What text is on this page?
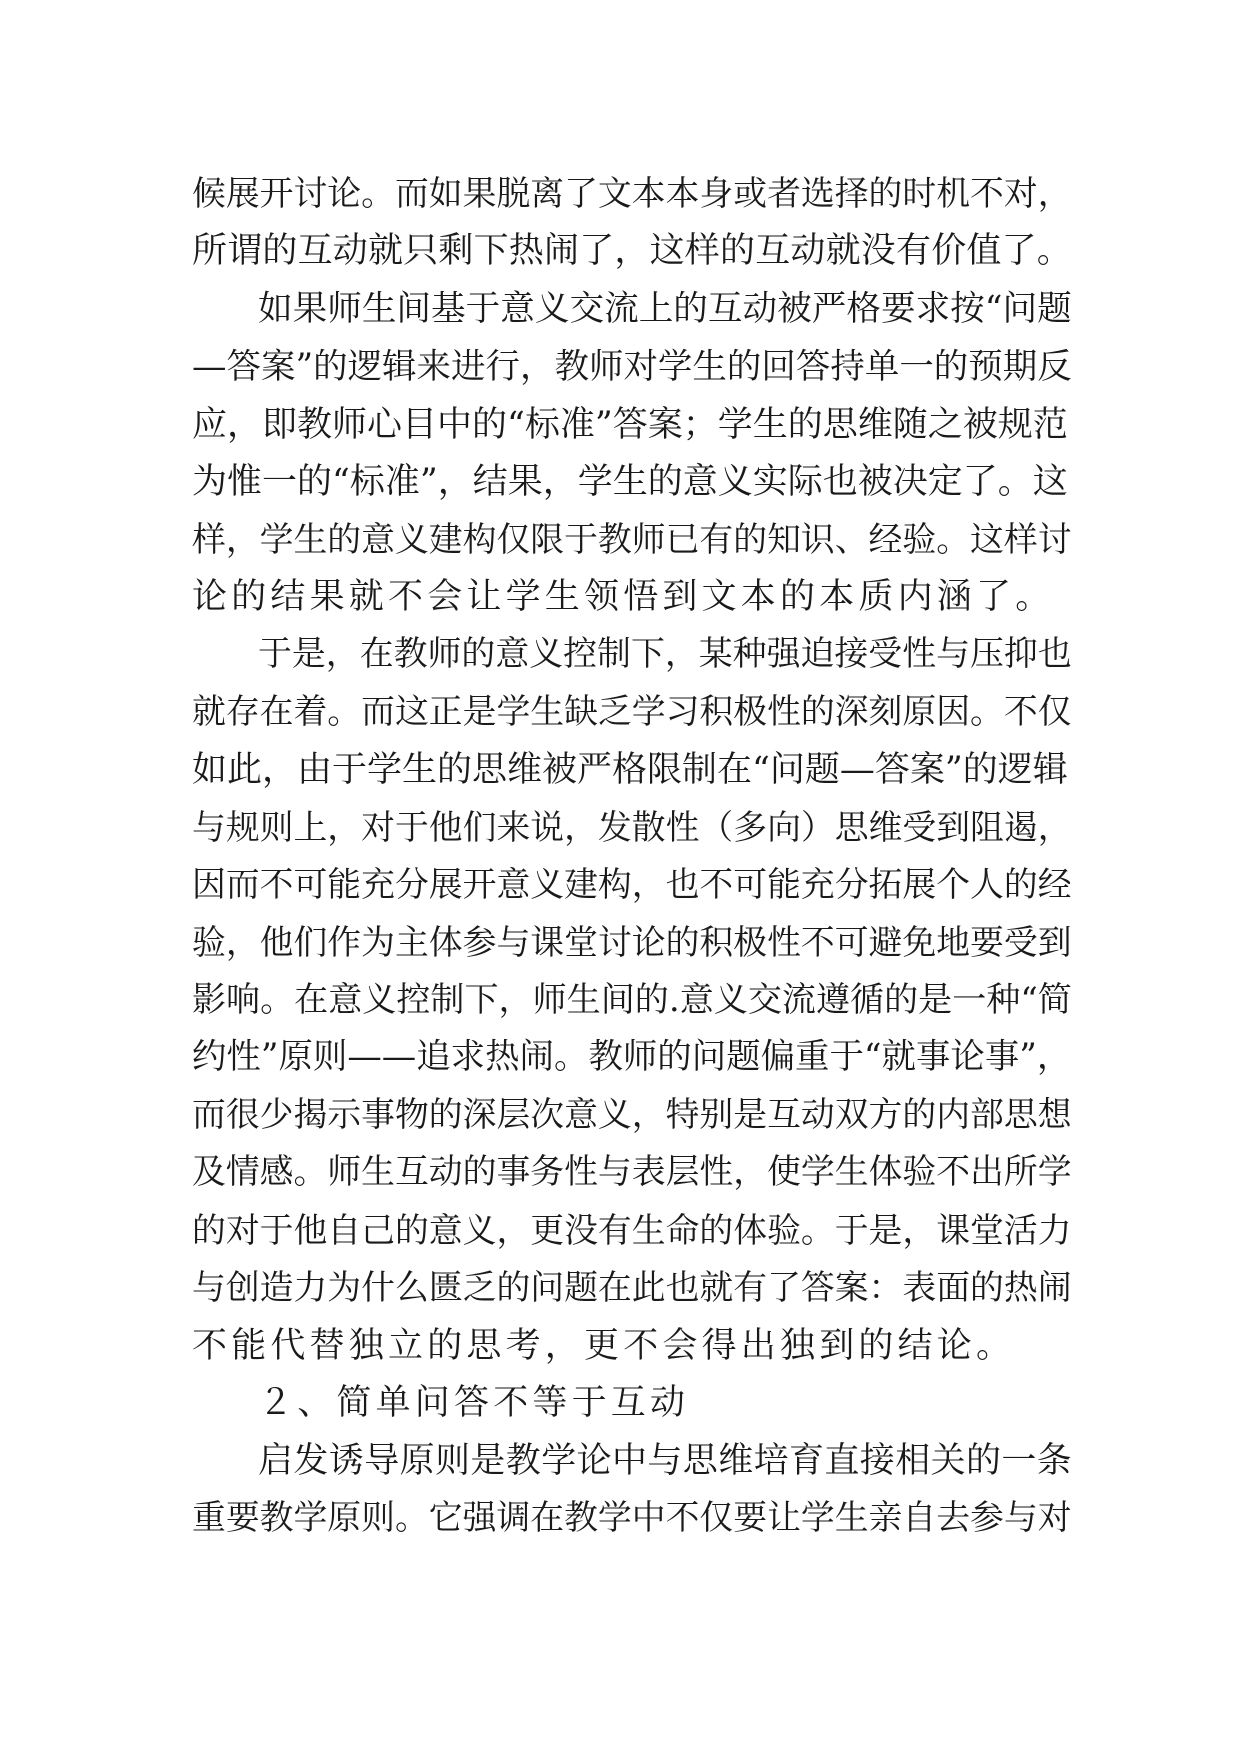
候展开讨论。而如果脱离了文本本身或者选择的时机不对，
所谓的互动就只剩下热闹了，这样的互动就没有价值了。
如果师生间基于意义交流上的互动被严格要求按“问题
—答案”的逻辑来进行，教师对学生的回答持单一的预期反
应，即教师心目中的“标准”答案；学生的思维随之被规范
为惟一的“标准”，结果，学生的意义实际也被决定了。这
样，学生的意义建构仅限于教师已有的知识、经验。这样讨
论的结果就不会让学生领悟到文本的本质内涵了。
于是，在教师的意义控制下，某种强迫接受性与压抑也
就存在着。而这正是学生缺乏学习积极性的深刻原因。不仅
如此，由于学生的思维被严格限制在“问题—答案”的逻辑
与规则上，对于他们来说，发散性（多向）思维受到阻遏，
因而不可能充分展开意义建构，也不可能充分拓展个人的经
验，他们作为主体参与课堂讨论的积极性不可避免地要受到
影响。在意义控制下，师生间的.意义交流遵循的是一种“简
约性”原则——追求热闹。教师的问题偏重于“就事论事”，
而很少揭示事物的深层次意义，特别是互动双方的内部思想
及情感。师生互动的事务性与表层性，使学生体验不出所学
的对于他自己的意义，更没有生命的体验。于是，课堂活力
与创造力为什么匮乏的问题在此也就有了答案：表面的热闹
不能代替独立的思考，更不会得出独到的结论。
２、简单问答不等于互动
启发诱导原则是教学论中与思维培育直接相关的一条
重要教学原则。它强调在教学中不仅要让学生亲自去参与对
